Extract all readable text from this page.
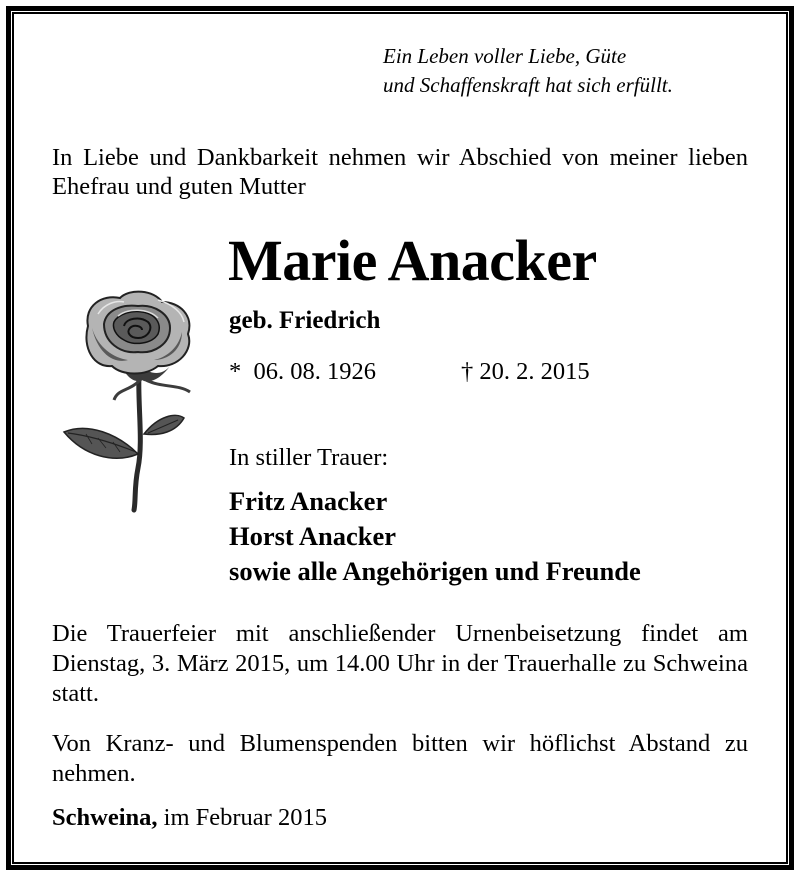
Ein Leben voller Liebe, Güte
und Schaffenskraft hat sich erfüllt.

In Liebe und Dankbarkeit nehmen wir Abschied von meiner lieben Ehefrau und guten Mutter

Marie Anacker
geb. Friedrich
*  06. 08. 1926	† 20. 2. 2015
In stiller Trauer:
Fritz Anacker
Horst Anacker
sowie alle Angehörigen und Freunde

Die Trauerfeier mit anschließender Urnenbeisetzung findet am Dienstag, 3. März 2015, um 14.00 Uhr in der Trauerhalle zu Schweina statt.

Von Kranz- und Blumenspenden bitten wir höflichst Abstand zu nehmen.

Schweina, im Februar 2015
